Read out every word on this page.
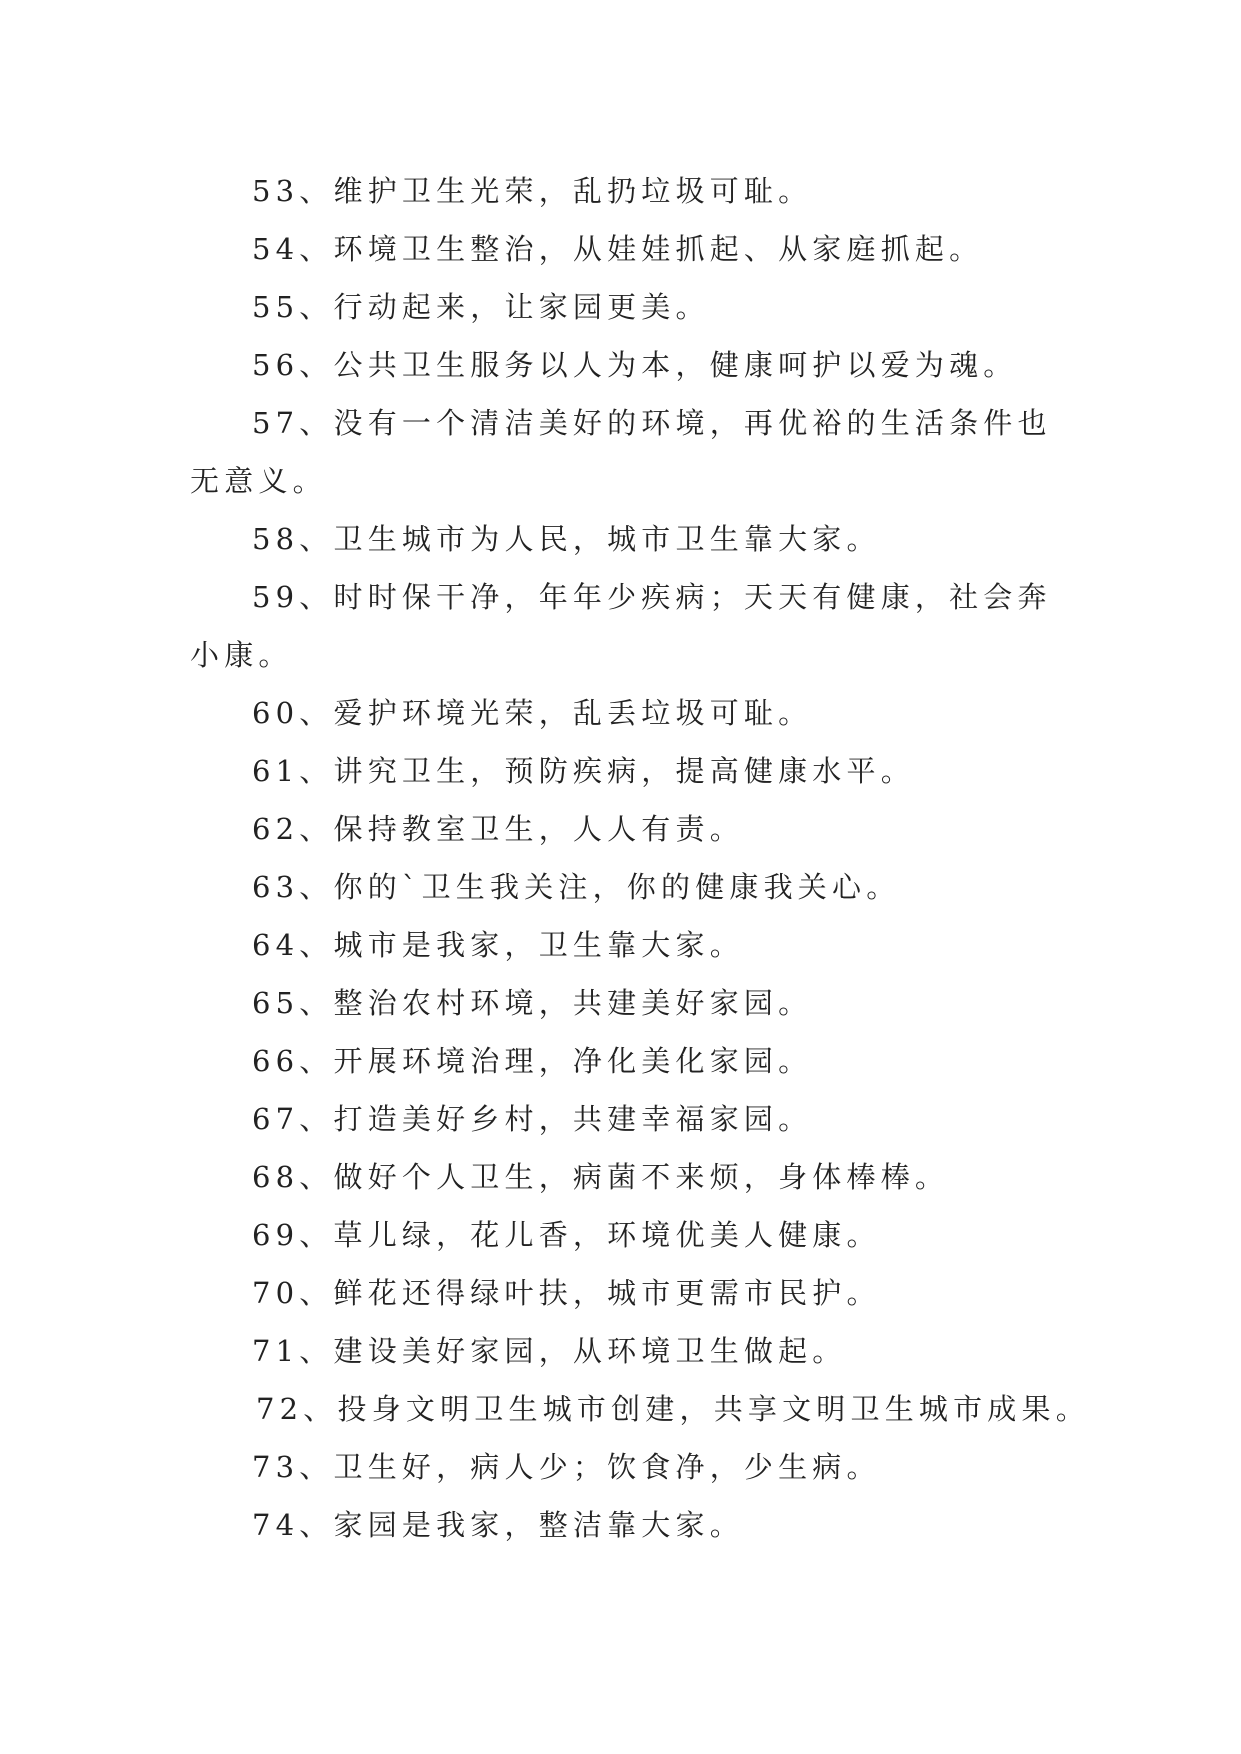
53、维护卫生光荣，乱扔垃圾可耻。

54、环境卫生整治，从娃娃抓起、从家庭抓起。

55、行动起来，让家园更美。

56、公共卫生服务以人为本，健康呵护以爱为魂。

57、没有一个清洁美好的环境，再优裕的生活条件也无意义。

58、卫生城市为人民，城市卫生靠大家。

59、时时保干净，年年少疾病；天天有健康，社会奔小康。

60、爱护环境光荣，乱丢垃圾可耻。

61、讲究卫生，预防疾病，提高健康水平。

62、保持教室卫生，人人有责。

63、你的`卫生我关注，你的健康我关心。

64、城市是我家，卫生靠大家。

65、整治农村环境，共建美好家园。

66、开展环境治理，净化美化家园。

67、打造美好乡村，共建幸福家园。

68、做好个人卫生，病菌不来烦，身体棒棒。

69、草儿绿，花儿香，环境优美人健康。

70、鲜花还得绿叶扶，城市更需市民护。

71、建设美好家园，从环境卫生做起。

72、投身文明卫生城市创建，共享文明卫生城市成果。

73、卫生好，病人少；饮食净，少生病。

74、家园是我家，整洁靠大家。
